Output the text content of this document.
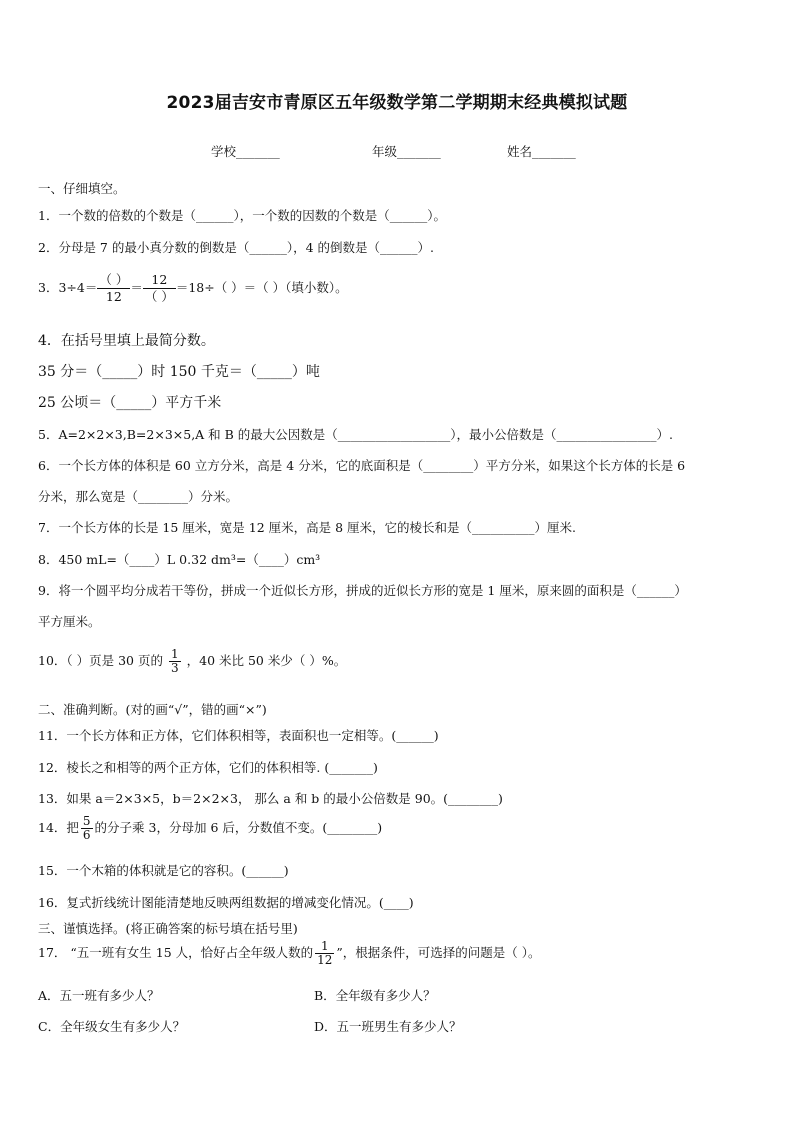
2023届吉安市青原区五年级数学第二学期期末经典模拟试题
学校_______	年级_______	姓名_______
一、仔细填空。
1．一个数的倍数的个数是（______），一个数的因数的个数是（______）。
2．分母是 7 的最小真分数的倒数是（______），4 的倒数是（______）.
3．$3\div 4= \frac{( )}{12} = \frac{12}{( )} =18\div$（ ）＝（ ）（填小数）。
4．在括号里填上最简分数。
35 分＝（_____）时 150 千克＝（_____）吨
25 公顷＝（_____）平方千米
5．A=2×2×3,B=2×3×5,A 和 B 的最大公因数是（__________________），最小公倍数是（________________）.
6．一个长方体的体积是 60 立方分米，高是 4 分米，它的底面积是（________）平方分米，如果这个长方体的长是 6
分米，那么宽是（________）分米。
7．一个长方体的长是 15 厘米，宽是 12 厘米，高是 8 厘米，它的棱长和是（__________）厘米.
8．450 mL=（____）L 0.32 dm³=（____）cm³
9．将一个圆平均分成若干等份，拼成一个近似长方形，拼成的近似长方形的宽是 1 厘米，原来圆的面积是（______）
平方厘米。
10．（ ）页是 30 页的 $\frac{1}{3}$ ，40 米比 50 米少（ ）%。
二、准确判断。(对的画“√”，错的画“×”)
11．一个长方体和正方体，它们体积相等，表面积也一定相等。(______)
12．棱长之和相等的两个正方体，它们的体积相等. (_______)
13．如果 a＝2×3×5，b＝2×2×3， 那么 a 和 b 的最小公倍数是 90。(________)
14．把 $\frac{5}{6}$ 的分子乘 3，分母加 6 后，分数值不变。(________)
15．一个木箱的体积就是它的容积。(______)
16．复式折线统计图能清楚地反映两组数据的增减变化情况。(____)
三、谨慎选择。(将正确答案的标号填在括号里)
17． “五一班有女生 15 人，恰好占全年级人数的 $\frac{1}{12}$ ”，根据条件，可选择的问题是（ ）。
A．五一班有多少人？	B．全年级有多少人？
C．全年级女生有多少人？	D．五一班男生有多少人？
